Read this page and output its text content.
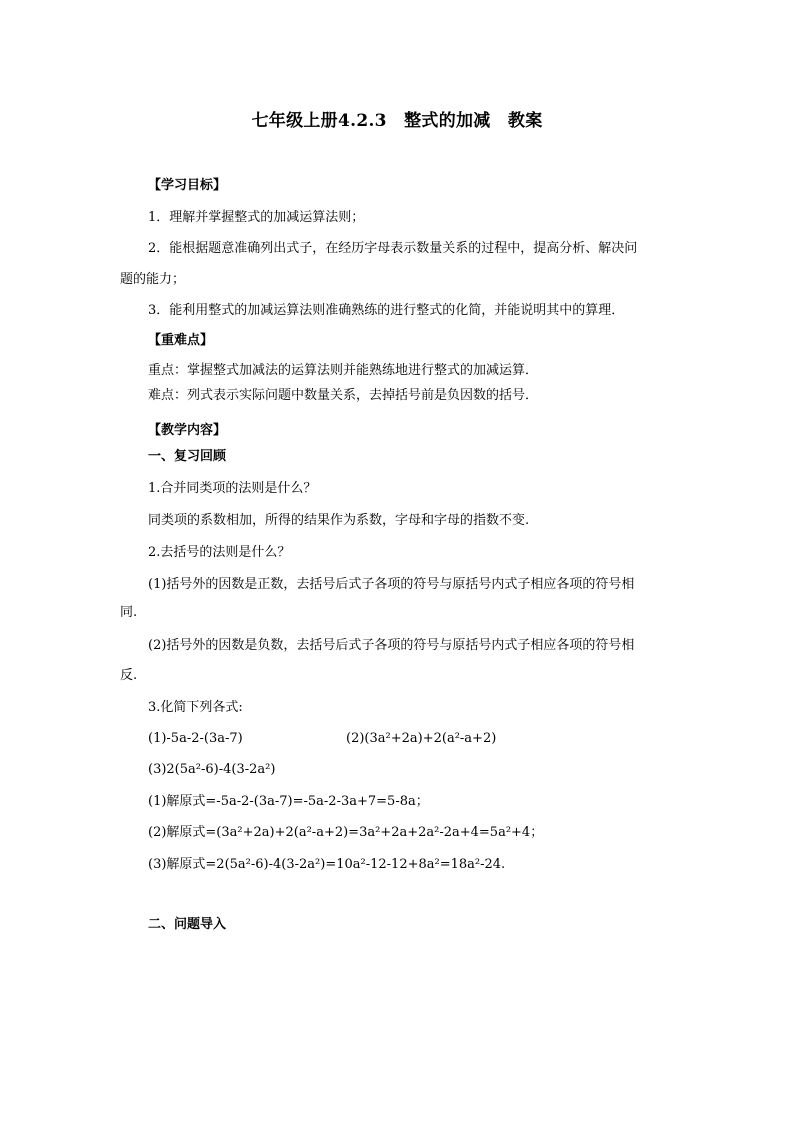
七年级上册4.2.3　整式的加减　教案
【学习目标】
1．理解并掌握整式的加减运算法则；
2．能根据题意准确列出式子，在经历字母表示数量关系的过程中，提高分析、解决问
题的能力；
3．能利用整式的加减运算法则准确熟练的进行整式的化简，并能说明其中的算理．
【重难点】
重点：掌握整式加减法的运算法则并能熟练地进行整式的加减运算．
难点：列式表示实际问题中数量关系，去掉括号前是负因数的括号．
【教学内容】
一、复习回顾
1.合并同类项的法则是什么？
同类项的系数相加，所得的结果作为系数，字母和字母的指数不变.
2.去括号的法则是什么？
(1)括号外的因数是正数，去括号后式子各项的符号与原括号内式子相应各项的符号相
同.
(2)括号外的因数是负数，去括号后式子各项的符号与原括号内式子相应各项的符号相
反.
3.化简下列各式:
(1)-5a-2-(3a-7)	(2)(3a²+2a)+2(a²-a+2)
(3)2(5a²-6)-4(3-2a²)
(1)解原式=-5a-2-(3a-7)=-5a-2-3a+7=5-8a；
(2)解原式=(3a²+2a)+2(a²-a+2)=3a²+2a+2a²-2a+4=5a²+4；
(3)解原式=2(5a²-6)-4(3-2a²)=10a²-12-12+8a²=18a²-24.
二、问题导入
